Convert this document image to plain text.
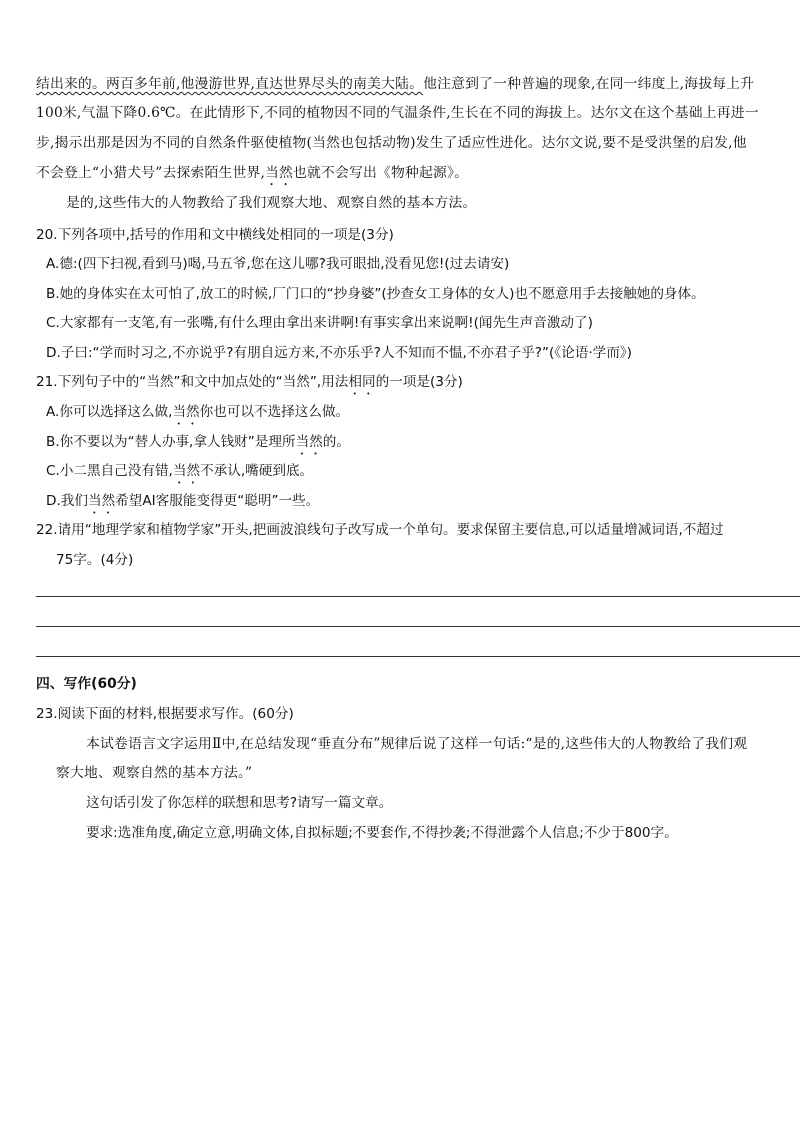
结出来的。两百多年前,他漫游世界,直达世界尽头的南美大陆。他注意到了一种普遍的现象,在同一纬度上,海拔每上升
100米,气温下降0.6℃。在此情形下,不同的植物因不同的气温条件,生长在不同的海拔上。达尔文在这个基础上再进一
步,揭示出那是因为不同的自然条件驱使植物(当然也包括动物)发生了适应性进化。达尔文说,要不是受洪堡的启发,他
不会登上“小猎犬号”去探索陌生世界,当然也就不会写出《物种起源》。
是的,这些伟大的人物教给了我们观察大地、观察自然的基本方法。
20.下列各项中,括号的作用和文中横线处相同的一项是(3分)
A.德:(四下扫视,看到马)喝,马五爷,您在这儿哪?我可眼拙,没看见您!(过去请安)
B.她的身体实在太可怕了,放工的时候,厂门口的“抄身婆”(抄查女工身体的女人)也不愿意用手去接触她的身体。
C.大家都有一支笔,有一张嘴,有什么理由拿出来讲啊!有事实拿出来说啊!(闻先生声音激动了)
D.子曰:“学而时习之,不亦说乎?有朋自远方来,不亦乐乎?人不知而不愠,不亦君子乎?”(《论语·学而》)
21.下列句子中的“当然”和文中加点处的“当然”,用法相同的一项是(3分)
A.你可以选择这么做,当然你也可以不选择这么做。
B.你不要以为“替人办事,拿人钱财”是理所当然的。
C.小二黑自己没有错,当然不承认,嘴硬到底。
D.我们当然希望AI客服能变得更“聪明”一些。
22.请用“地理学家和植物学家”开头,把画波浪线句子改写成一个单句。要求保留主要信息,可以适量增减词语,不超过
75字。(4分)
四、写作(60分)
23.阅读下面的材料,根据要求写作。(60分)
本试卷语言文字运用Ⅱ中,在总结发现“垂直分布”规律后说了这样一句话:“是的,这些伟大的人物教给了我们观
察大地、观察自然的基本方法。”
这句话引发了你怎样的联想和思考?请写一篇文章。
要求:选准角度,确定立意,明确文体,自拟标题;不要套作,不得抄袭;不得泄露个人信息;不少于800字。
